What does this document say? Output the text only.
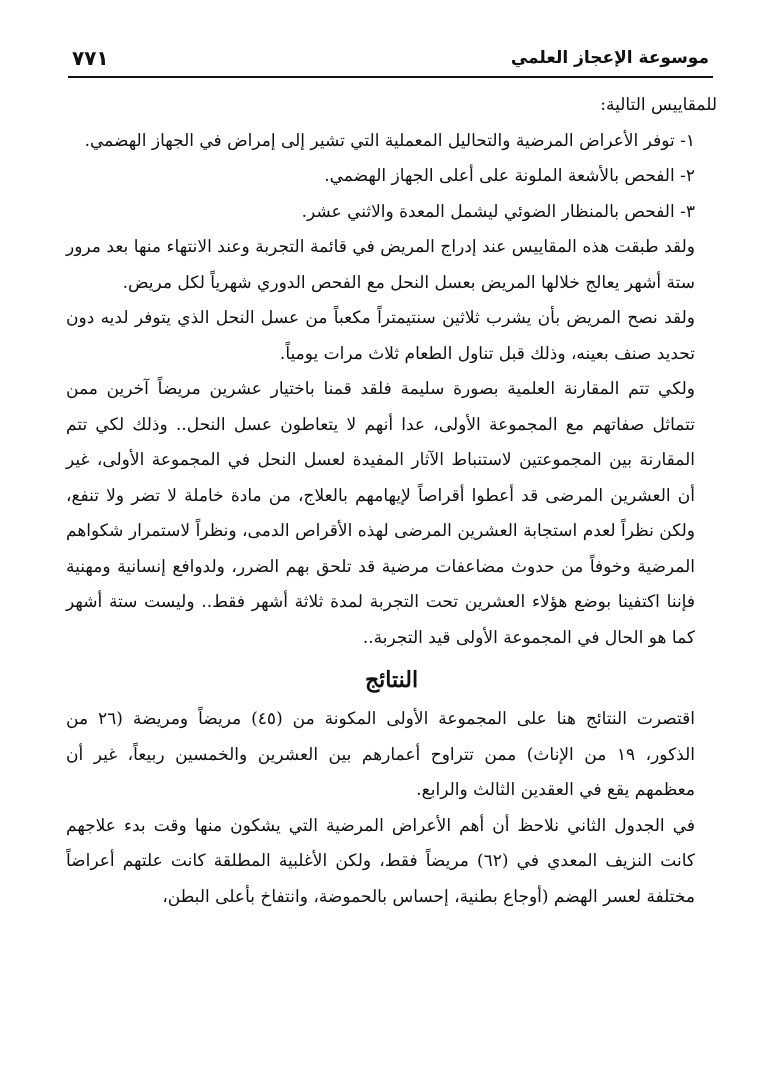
موسوعة الإعجاز العلمي
٧٧١

للمقاييس التالية:

١- توفر الأعراض المرضية والتحاليل المعملية التي تشير إلى إمراض في الجهاز الهضمي.

٢- الفحص بالأشعة الملونة على أعلى الجهاز الهضمي.

٣- الفحص بالمنظار الضوئي ليشمل المعدة والاثني عشر.

ولقد طبقت هذه المقاييس عند إدراج المريض في قائمة التجربة وعند الانتهاء منها بعد مرور ستة أشهر يعالج خلالها المريض بعسل النحل مع الفحص الدوري شهرياً لكل مريض.

ولقد نصح المريض بأن يشرب ثلاثين سنتيمتراً مكعباً من عسل النحل الذي يتوفر لديه دون تحديد صنف بعينه، وذلك قبل تناول الطعام ثلاث مرات يومياً.

ولكي تتم المقارنة العلمية بصورة سليمة فلقد قمنا باختيار عشرين مريضاً آخرين ممن تتماثل صفاتهم مع المجموعة الأولى، عدا أنهم لا يتعاطون عسل النحل.. وذلك لكي تتم المقارنة بين المجموعتين لاستنباط الآثار المفيدة لعسل النحل في المجموعة الأولى، غير أن العشرين المرضى قد أعطوا أقراصاً لإيهامهم بالعلاج، من مادة خاملة لا تضر ولا تنفع، ولكن نظراً لعدم استجابة العشرين المرضى لهذه الأقراص الدمى، ونظراً لاستمرار شكواهم المرضية وخوفاً من حدوث مضاعفات مرضية قد تلحق بهم الضرر، ولدوافع إنسانية ومهنية فإننا اكتفينا بوضع هؤلاء العشرين تحت التجربة لمدة ثلاثة أشهر فقط.. وليست ستة أشهر كما هو الحال في المجموعة الأولى قيد التجربة..

النتائج

اقتصرت النتائج هنا على المجموعة الأولى المكونة من (٤٥) مريضاً ومريضة (٢٦ من الذكور، ١٩ من الإناث) ممن تتراوح أعمارهم بين العشرين والخمسين ربيعاً، غير أن معظمهم يقع في العقدين الثالث والرابع.

في الجدول الثاني نلاحظ أن أهم الأعراض المرضية التي يشكون منها وقت بدء علاجهم كانت النزيف المعدي في (٦٢) مريضاً فقط، ولكن الأغلبية المطلقة كانت علتهم أعراضاً مختلفة لعسر الهضم (أوجاع بطنية، إحساس بالحموضة، وانتفاخ بأعلى البطن،
